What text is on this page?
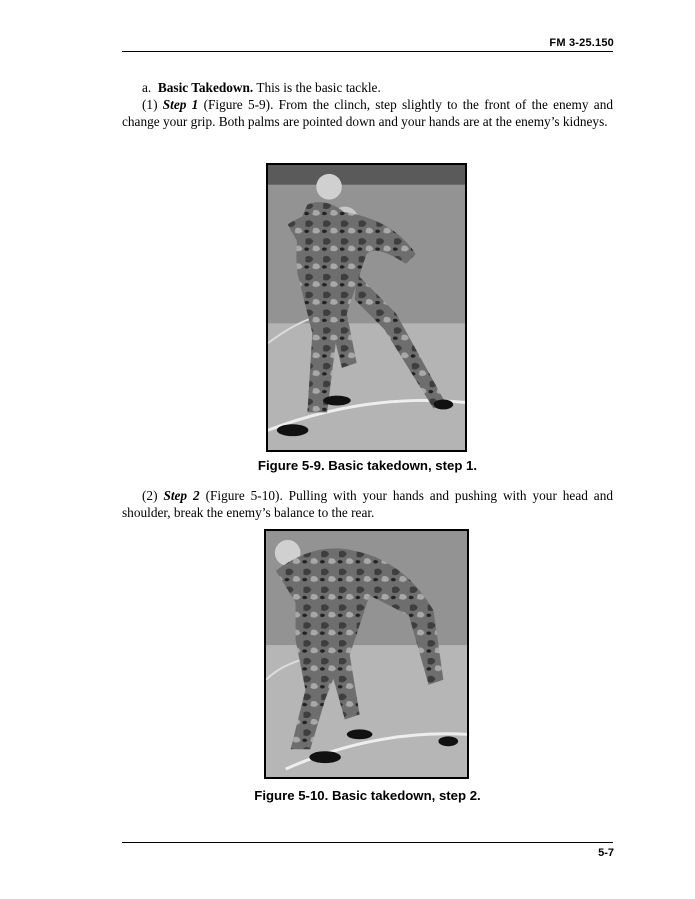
FM 3-25.150
a. Basic Takedown. This is the basic tackle.
(1) Step 1 (Figure 5-9). From the clinch, step slightly to the front of the enemy and change your grip. Both palms are pointed down and your hands are at the enemy’s kidneys.
Figure 5-9. Basic takedown, step 1.
(2) Step 2 (Figure 5-10). Pulling with your hands and pushing with your head and shoulder, break the enemy’s balance to the rear.
Figure 5-10. Basic takedown, step 2.
5-7
